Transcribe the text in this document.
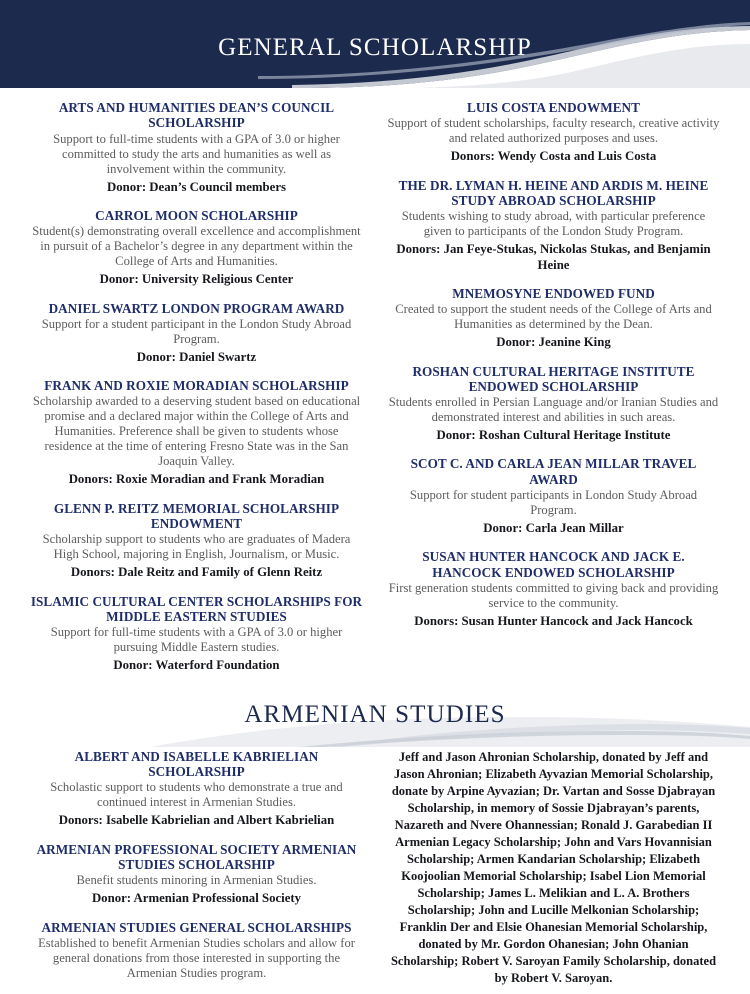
GENERAL SCHOLARSHIP

ARTS AND HUMANITIES DEAN’S COUNCIL SCHOLARSHIP

Support to full-time students with a GPA of 3.0 or higher committed to study the arts and humanities as well as involvement within the community.

Donor: Dean’s Council members

CARROL MOON SCHOLARSHIP

Student(s) demonstrating overall excellence and accomplishment in pursuit of a Bachelor’s degree in any department within the College of Arts and Humanities.

Donor: University Religious Center

DANIEL SWARTZ LONDON PROGRAM AWARD

Support for a student participant in the London Study Abroad Program.

Donor: Daniel Swartz

FRANK AND ROXIE MORADIAN SCHOLARSHIP

Scholarship awarded to a deserving student based on educational promise and a declared major within the College of Arts and Humanities. Preference shall be given to students whose residence at the time of entering Fresno State was in the San Joaquin Valley.

Donors: Roxie Moradian and Frank Moradian

GLENN P. REITZ MEMORIAL SCHOLARSHIP ENDOWMENT

Scholarship support to students who are graduates of Madera High School, majoring in English, Journalism, or Music.

Donors: Dale Reitz and Family of Glenn Reitz

ISLAMIC CULTURAL CENTER SCHOLARSHIPS FOR MIDDLE EASTERN STUDIES

Support for full-time students with a GPA of 3.0 or higher pursuing Middle Eastern studies.

Donor: Waterford Foundation

LUIS COSTA ENDOWMENT

Support of student scholarships, faculty research, creative activity and related authorized purposes and uses.

Donors: Wendy Costa and Luis Costa

THE DR. LYMAN H. HEINE AND ARDIS M. HEINE STUDY ABROAD SCHOLARSHIP

Students wishing to study abroad, with particular preference given to participants of the London Study Program.

Donors: Jan Feye-Stukas, Nickolas Stukas, and Benjamin Heine

MNEMOSYNE ENDOWED FUND

Created to support the student needs of the College of Arts and Humanities as determined by the Dean.

Donor: Jeanine King

ROSHAN CULTURAL HERITAGE INSTITUTE ENDOWED SCHOLARSHIP

Students enrolled in Persian Language and/or Iranian Studies and demonstrated interest and abilities in such areas.

Donor: Roshan Cultural Heritage Institute

SCOT C. AND CARLA JEAN MILLAR TRAVEL AWARD

Support for student participants in London Study Abroad Program.

Donor: Carla Jean Millar

SUSAN HUNTER HANCOCK AND JACK E. HANCOCK ENDOWED SCHOLARSHIP

First generation students committed to giving back and providing service to the community.

Donors: Susan Hunter Hancock and Jack Hancock

ARMENIAN STUDIES

ALBERT AND ISABELLE KABRIELIAN SCHOLARSHIP

Scholastic support to students who demonstrate a true and continued interest in Armenian Studies.

Donors: Isabelle Kabrielian and Albert Kabrielian

ARMENIAN PROFESSIONAL SOCIETY ARMENIAN STUDIES SCHOLARSHIP

Benefit students minoring in Armenian Studies.

Donor: Armenian Professional Society

ARMENIAN STUDIES GENERAL SCHOLARSHIPS

Established to benefit Armenian Studies scholars and allow for general donations from those interested in supporting the Armenian Studies program.

Jeff and Jason Ahronian Scholarship, donated by Jeff and Jason Ahronian; Elizabeth Ayvazian Memorial Scholarship, donate by Arpine Ayvazian; Dr. Vartan and Sosse Djabrayan Scholarship, in memory of Sossie Djabrayan’s parents, Nazareth and Nvere Ohannessian; Ronald J. Garabedian II Armenian Legacy Scholarship; John and Vars Hovannisian Scholarship; Armen Kandarian Scholarship; Elizabeth Koojoolian Memorial Scholarship; Isabel Lion Memorial Scholarship; James L. Melikian and L. A. Brothers Scholarship; John and Lucille Melkonian Scholarship; Franklin Der and Elsie Ohanesian Memorial Scholarship, donated by Mr. Gordon Ohanesian; John Ohanian Scholarship; Robert V. Saroyan Family Scholarship, donated by Robert V. Saroyan.
